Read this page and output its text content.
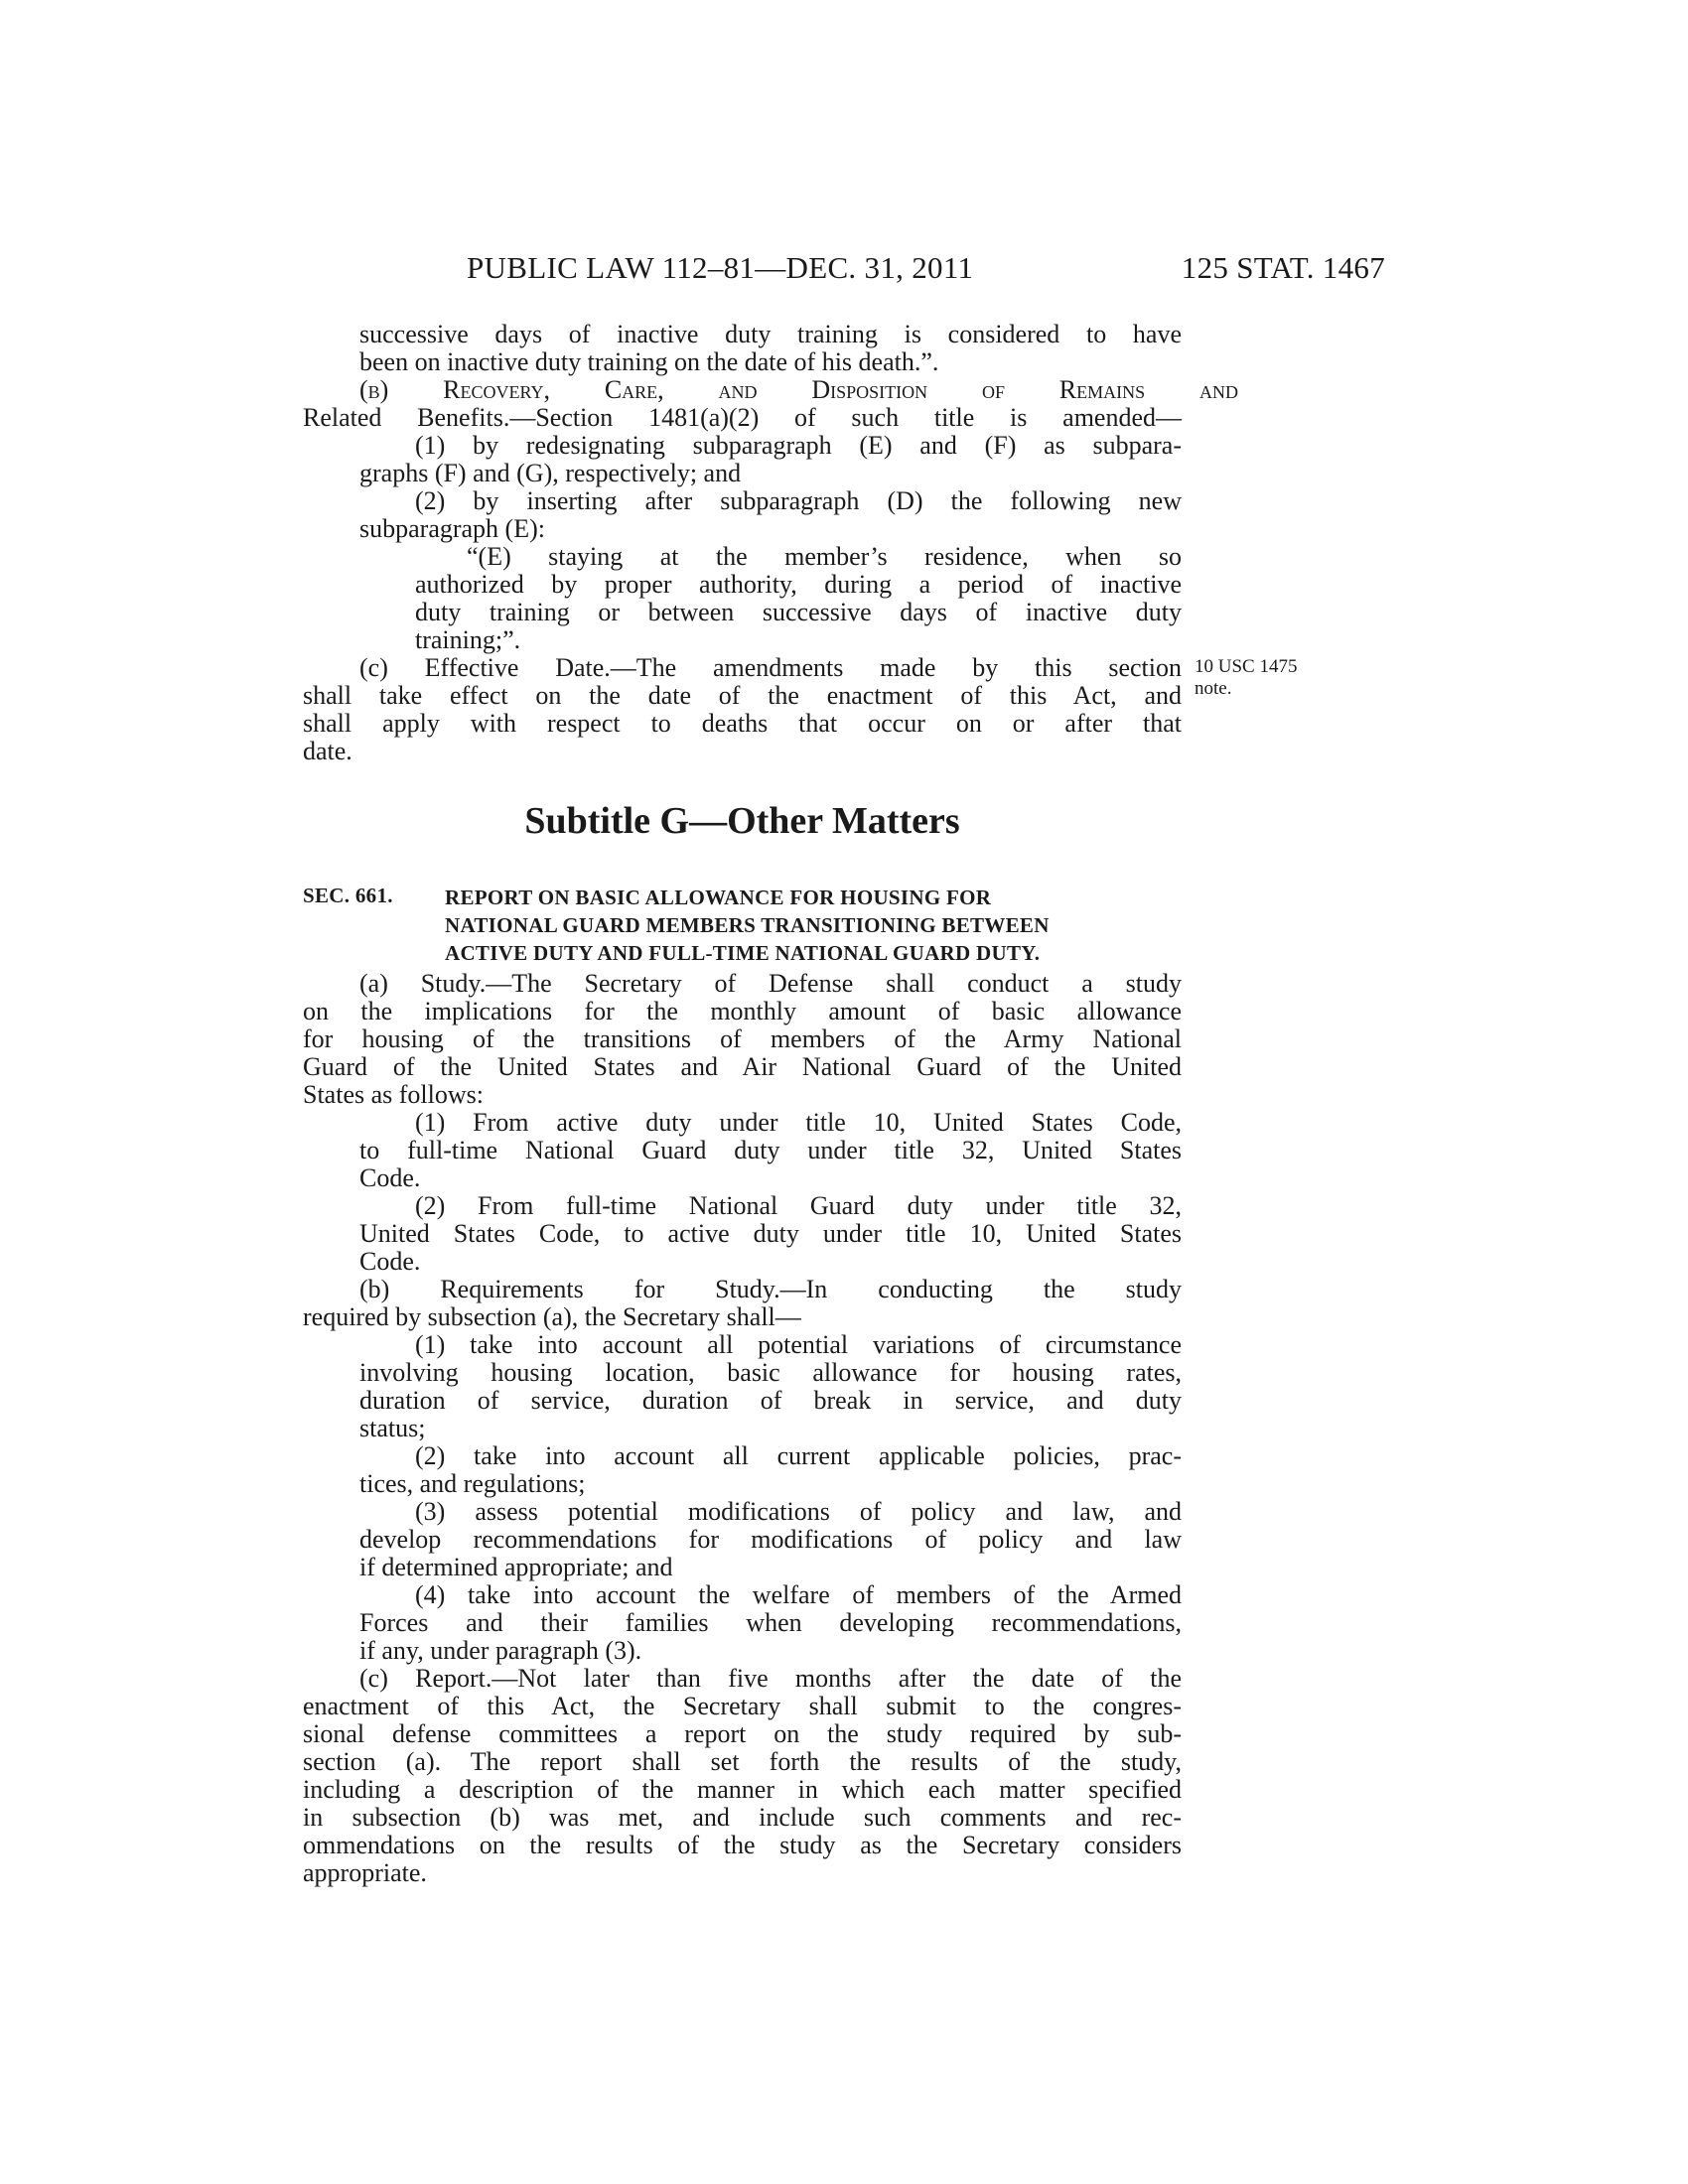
PUBLIC LAW 112–81—DEC. 31, 2011	125 STAT. 1467
successive days of inactive duty training is considered to have
been on inactive duty training on the date of his death.”.
(b) Recovery, Care, and Disposition of Remains and
Related Benefits.—Section 1481(a)(2) of such title is amended—
(1) by redesignating subparagraph (E) and (F) as subpara-
graphs (F) and (G), respectively; and
(2) by inserting after subparagraph (D) the following new
subparagraph (E):
“(E) staying at the member’s residence, when so
authorized by proper authority, during a period of inactive
duty training or between successive days of inactive duty
training;”.
(c) Effective Date.—The amendments made by this section
shall take effect on the date of the enactment of this Act, and
shall apply with respect to deaths that occur on or after that
date.
10 USC 1475
note.
Subtitle G—Other Matters
SEC. 661. REPORT ON BASIC ALLOWANCE FOR HOUSING FOR
NATIONAL GUARD MEMBERS TRANSITIONING BETWEEN
ACTIVE DUTY AND FULL-TIME NATIONAL GUARD DUTY.
(a) Study.—The Secretary of Defense shall conduct a study
on the implications for the monthly amount of basic allowance
for housing of the transitions of members of the Army National
Guard of the United States and Air National Guard of the United
States as follows:
(1) From active duty under title 10, United States Code,
to full-time National Guard duty under title 32, United States
Code.
(2) From full-time National Guard duty under title 32,
United States Code, to active duty under title 10, United States
Code.
(b) Requirements for Study.—In conducting the study
required by subsection (a), the Secretary shall—
(1) take into account all potential variations of circumstance
involving housing location, basic allowance for housing rates,
duration of service, duration of break in service, and duty
status;
(2) take into account all current applicable policies, prac-
tices, and regulations;
(3) assess potential modifications of policy and law, and
develop recommendations for modifications of policy and law
if determined appropriate; and
(4) take into account the welfare of members of the Armed
Forces and their families when developing recommendations,
if any, under paragraph (3).
(c) Report.—Not later than five months after the date of the
enactment of this Act, the Secretary shall submit to the congres-
sional defense committees a report on the study required by sub-
section (a). The report shall set forth the results of the study,
including a description of the manner in which each matter specified
in subsection (b) was met, and include such comments and rec-
ommendations on the results of the study as the Secretary considers
appropriate.
